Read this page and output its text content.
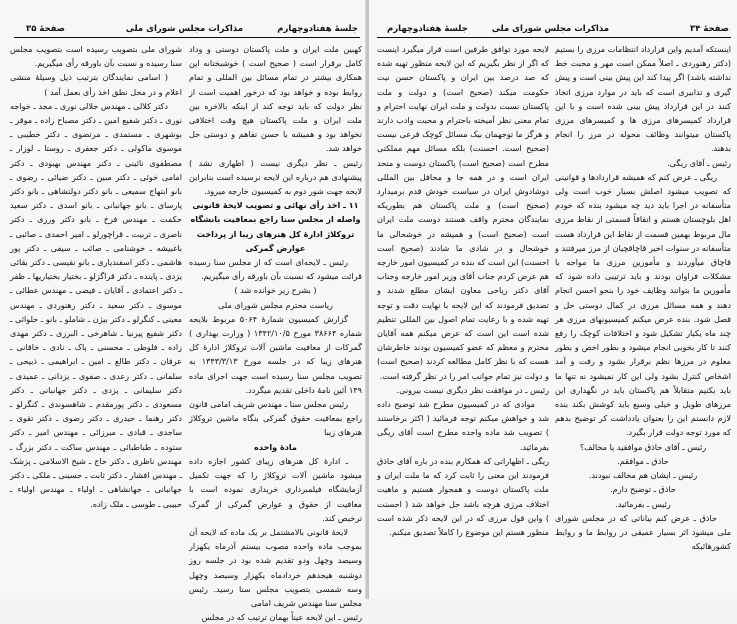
جلسهٔ هفتادوچهارم
مذاکرات مجلس شورای ملی
صفحهٔ ۳۵

شورای ملی بتصویب رسیده است بتصویب مجلس سنا رسیده و نسبت بآن باورقه رأی میگیریم.

( اسامی نمایندگان بترتیب ذیل وسیلهٔ منشی اعلام و در محل نطق اخذ رأی بعمل آمد )

دکتر کلالی ـ مهندس جلالی نوری ـ مجد ـ خواجه نوری ـ دکتر شفیع امین ـ دکتر مصباح زاده ـ موقر ـ بوشهری ـ مستمدی ـ مرتضوی ـ دکتر خطیبی ـ موسوی ماکولی ـ دکتر جعفری ـ روستا ـ لوزار ـ مصطفوی نائینی ـ دکتر مهندس بهبودی ـ دکتر امامی خوئی ـ دکتر مبین ـ دکتر ضیائی ـ رضوی ـ بانو ابتهاج سمیعی ـ بانو دکتر دولتشاهی ـ بانو دکتر پارسای ـ بانو جهانبانی ـ بانو اسدی ـ دکتر سعید حکمت ـ مهندس فرخ ـ بانو دکتر ورزی ـ دکتر ناصری ـ تربیت ـ قراچورلو ـ امیر احمدی ـ صائبی ـ باغبیشه ـ خوشنامی ـ صائب ـ سیفی ـ دکتر پور هاشمی ـ دکتر اسفندیاری ـ بانو نفیسی ـ دکتر بقائی یزدی ـ پاینده ـ دکتر قراگزلو ـ بختیار بختیاریها ـ ظفر ـ دکتر اعتمادی ـ آقایان ـ فیضی ـ مهندس عطائی ـ موسوی ـ دکتر سعید ـ دکتر رهنوردی ـ مهندس معینی ـ کنگرلو ـ دکتر بیژن ـ شاملو ـ بانو ـ حلوائی ـ دکتر شفیع پیرنیا ـ شاهرخی ـ البرزی ـ دکتر مهدی زاده ـ فلوطی ـ محسنی ـ پاک ـ نادی ـ خاقانی ـ عرفان ـ دکتر طالع ـ امین ـ ابراهیمی ـ ذبیحی ـ سلمانی ـ دکتر رعدی ـ صفوی ـ یزدانی ـ عمیدی ـ دکتر سلیمانی ـ یزدی ـ دکتر جهانبانی ـ دکتر مسعودی ـ دکتر پورمقدم ـ شاهسوندی ـ کنگرلو ـ دکتر رهنما ـ حیدری ـ دکتر رضوی ـ دکتر تقوی ـ ساجدی ـ قبادی ـ میرزائی ـ مهندس امیر ـ دکتر ستوده ـ طباطبائی ـ مهندس ساکت ـ دکتر بزرگ ـ مهندس ناظری ـ دکتر حاج ـ شیخ الاسلامی ـ پزشک ـ مهندس افشار ـ دکتر ثابت ـ حسینی ـ ملکی ـ دکتر جهانبانی ـ جهانشاهی ـ اولیاء ـ مهندس اولیاء ـ حبیبی ـ طوسی ـ ملک زاده.

کهبین ملت ایران و ملت پاکستان دوستی و وداد کامل برقرار است ( صحیح است ) خوشبختانه این همکاری بیشتر در تمام مسائل بین المللی و تمام روابط بوده و خواهد بود که درخور اهمیت است از نظر دولت که باید توجه کند از اینکه بالاخره بین ملت ایران و ملت پاکستان هیچ وقت اختلافی نخواهد بود و همیشه با حسن تفاهم و دوستی حل خواهد شد.

رئیس ـ نظر دیگری نیست ( اظهاری نشد ) پیشنهادی هم درباره این لایحه نرسیده است بنابراین لایحه جهت شور دوم به کمیسیون خارجه میرود.

۱۱ ـ اخذ رأی نهائی و تصویب لایحهٔ قانونی واصله از مجلس سنا راجع بمعافیت بانشگاه تروکلاژ ادارهٔ کل هنرهای زیبا از پرداخت عوارض گمرکی

رئیس ـ لایحه‌ای است که از مجلس سنا رسیده قرائت میشود که نسبت بآن باورقه رأی میگیریم.

( بشرح زیر خوانده شد )

ریاست محترم مجلس شورای ملی

گزارش کمیسیون شمارهٔ ۵۰۶۴ مربوط بلایحه شماره ۳۸۶۶۴ مورخ ۱۳۴۲/۱۰/۵ ( وزارت بهداری ) گمرکات از معافیت ماشین آلات تروکلاژ ادارهٔ کل هنرهای زیبا که در جلسه مورخ ۱۳۴۳/۳/۱۳ به تصویب مجلس سنا رسیده است جهت اجرای ماده ۱۴۹ آئین نامهٔ داخلی تقدیم میگردد.

رئیس مجلس سنا ـ مهندس شریف امامی قانون راجع بمعافیت حقوق گمرکی بنگاه ماشین تروکلاژ هنرهای زیبا

مادهٔ واحده

ـ ادارهٔ کل هنرهای زیبای کشور اجازه داده میشود ماشین آلات تروکلاژ را که جهت تکمیل آزمایشگاه فیلمبرداری خریداری نموده است با معافیت از حقوق و عوارض گمرکی از گمرک ترخیص کند.

لایحهٔ قانونی بالامشتمل بر یک ماده که لایحه آن بموجب ماده واحده مصوب بیستم آذرماه یکهزار وسیصد وچهل ودو تقدیم شده بود در جلسه روز دوشنبه هیجدهم خردادماه یکهزار وسیصد وچهل وسه شمسی بتصویب مجلس سنا رسید. رئیس مجلس سنا مهندس شریف امامی

رئیس ـ این لایحه عیناً بهمان ترتیب که در مجلس

جلسهٔ هفتادوچهارم	مذاکرات مجلس شورای ملی	صفحهٔ ۳۴

لایحه مورد توافق طرفین است قرار میگیرد اینست که اگر از نظر بگیریم که این لایحه منظور تهیه شده که صد درصد بین ایران و پاکستان حسن نیت حکومت میکند (صحیح است) و دولت و ملت پاکستان نسبت بدولت و ملت ایران نهایت احترام و تمام معنی نظر آمیخته باحترام و محبت وادب دارند و هرگز ما توجهمان بیک مسائل کوچک فرعی نیست (صحیح است. احسنت) بلکه مسائل مهم مملکتی مطرح است (صحیح است) پاکستان دوست و متحد ایران است و در همه جا و محافل بین المللی دوشادوش ایران در سیاست خودش قدم برمیدارد (صحیح است) و ملت پاکستان هم بطوریکه نمایندگان محترم واقف هستند دوست ملت ایران است (صحیح است) و همیشه در خوشحالی ما خوشحال و در شادی ما شادند (صحیح است احسنت) این است که بنده در کمیسیون امور خارجه هم عرض کردم جناب آقای وزیر امور خارجه وجناب آقای دکتر ریاحی معاون ایشان مطلع شدند و تصدیق فرمودند که این لایحه با نهایت دقت و توجه تهیه شده و با رعایت تمام اصول بین المللی تنظیم شده است این است که عرض میکنم همه آقایان محترم و معظم که عضو کمیسیون بودند خاطرشان هست که با نظر کامل مطالعه کردند (صحیح است) و دولت نیز تمام جوانب امر را در نظر گرفته است.

رئیس ـ در موافقت نظر دیگری نیست بیرونی.

موادی که در کمیسیون مطرح شد توضیح داده شد و خواهش میکنم توجه فرمائید ( اکثر برخاستند ) تصویب شد ماده واحده مطرح است آقای ریگی بفرمائید.

ریگی ـ اظهاراتی که همکارم بنده در باره آقای حاذق فرمودند این معنی را ثابت کرد که ما ملت ایران و ملت پاکستان دوست و همجوار هستیم و ماهیت اختلاف مرزی هرچه باشد حل خواهد شد ( احسنت ) واین قول مرزی که در این لایحه ذکر شده است منظور هستم این موضوع را کاملاً تصدیق میکنم.

اینستکه آمدیم واین قرارداد انتظامات مرزی را بستیم (دکتر رهنوردی ـ اصلاً ممکن است مهر و محبت خط نداشته باشد) اگر پیدا کند این پیش بینی است و پیش گیری و تدابیری است که باید در موارد مرزی اتخاذ کنند در این قرارداد پیش بینی شده است و با این قرارداد کمیسرهای مرزی ها و کمیسرهای مرزی پاکستان میتوانند وظائف محوله در مرز را انجام بدهند.

رئیس ـ آقای ریگی.

ریگی ـ عرض کنم که همیشه قراردادها و قوانینی که تصویب میشود اصلش بسیار خوب است ولی متأسفانه در اجرا باید دید چه میشود بنده که خودم اهل بلوچستان هستم و اتفاقاً قسمتی از نقاط مرزی مال مربوط بهمین قسمت از نقاط این قرارداد هست متأسفانه در سنوات اخیر قاچاقچیان از مرز میرفتند و قاچاق میآوردند و مأمورین مرزی ما مواجه با مشکلات فراوان بودند و باید ترتیبی داده شود که مأمورین ما بتوانند وظایف خود را بنحو احسن انجام دهند و همه مسائل مرزی در کمال دوستی حل و فصل شود. بنده عرض میکنم کمیسیونهای مرزی هر چند ماه یکبار تشکیل شود و اختلافات کوچک را رفع کنند تا کار بخوبی انجام میشود و بطور اخص و بطور معلوم در مرزها نظم برقرار بشود و رفت و آمد اشخاص کنترل بشود ولی این کار نمیشود نه تنها ما باید بکنیم متقابلاً هم پاکستان باید در نگهداری این مرزهای طویل و خیلی وسیع باید کوشش بکند بنده لازم دانستم این را بعنوان یادداشت کر توضیح بدهم که مورد توجه دولت قرار بگیرد.

رئیس ـ آقای حاذق موافقید یا مخالف؟

حاذق ـ موافقم.

رئیس ـ ایشان هم مخالف نبودند.

حاذق ـ توضیح دارم.

رئیس ـ بفرمائید.

حاذق ـ عرض کنم بیاناتی که در مجلس شورای ملی میشود اثر بسیار عمیقی در روابط ما و روابط کشورهائیکه
